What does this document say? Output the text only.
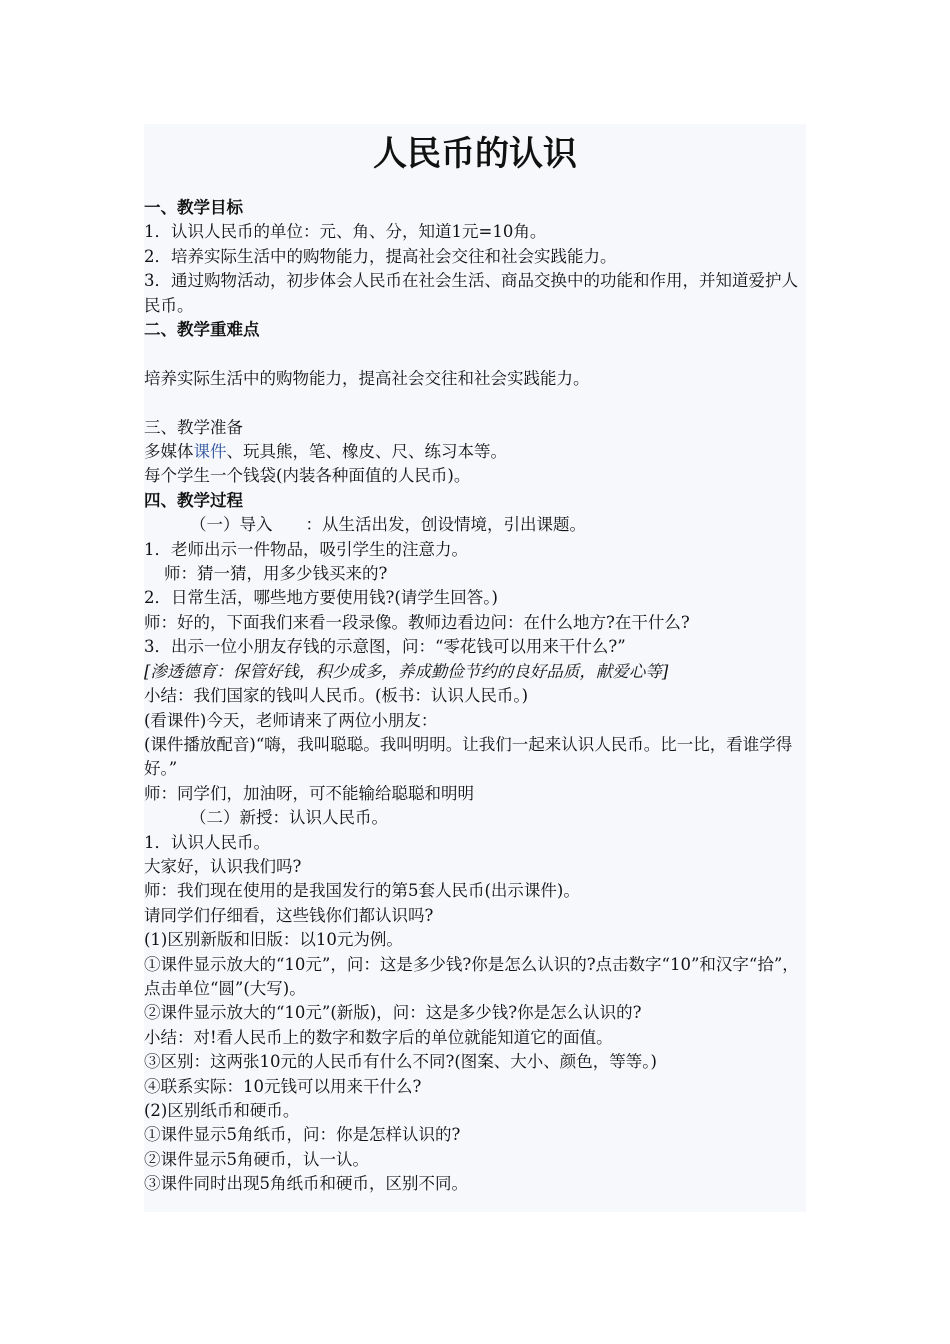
人民币的认识

一、教学目标

1．认识人民币的单位：元、角、分，知道1元=10角。

2．培养实际生活中的购物能力，提高社会交往和社会实践能力。

3．通过购物活动，初步体会人民币在社会生活、商品交换中的功能和作用，并知道爱护人民币。

二、教学重难点

培养实际生活中的购物能力，提高社会交往和社会实践能力。

三、教学准备

多媒体课件、玩具熊，笔、橡皮、尺、练习本等。

每个学生一个钱袋(内装各种面值的人民币)。

四、教学过程

（一）导入　　：从生活出发，创设情境，引出课题。

1．老师出示一件物品，吸引学生的注意力。

师：猜一猜，用多少钱买来的?

2．日常生活，哪些地方要使用钱?(请学生回答。)

师：好的，下面我们来看一段录像。教师边看边问：在什么地方?在干什么?

3．出示一位小朋友存钱的示意图，问：“零花钱可以用来干什么?”

[渗透德育：保管好钱，积少成多，养成勤俭节约的良好品质，献爱心等]

小结：我们国家的钱叫人民币。(板书：认识人民币。)

(看课件)今天，老师请来了两位小朋友：

(课件播放配音)“嗨，我叫聪聪。我叫明明。让我们一起来认识人民币。比一比，看谁学得好。”

师：同学们，加油呀，可不能输给聪聪和明明

（二）新授：认识人民币。

1．认识人民币。

大家好，认识我们吗?

师：我们现在使用的是我国发行的第5套人民币(出示课件)。

请同学们仔细看，这些钱你们都认识吗?

(1)区别新版和旧版：以10元为例。

①课件显示放大的“10元”，问：这是多少钱?你是怎么认识的?点击数字“10”和汉字“拾”，点击单位“圆”(大写)。

②课件显示放大的“10元”(新版)，问：这是多少钱?你是怎么认识的?

小结：对!看人民币上的数字和数字后的单位就能知道它的面值。

③区别：这两张10元的人民币有什么不同?(图案、大小、颜色，等等。)

④联系实际：10元钱可以用来干什么?

(2)区别纸币和硬币。

①课件显示5角纸币，问：你是怎样认识的?

②课件显示5角硬币，认一认。

③课件同时出现5角纸币和硬币，区别不同。
